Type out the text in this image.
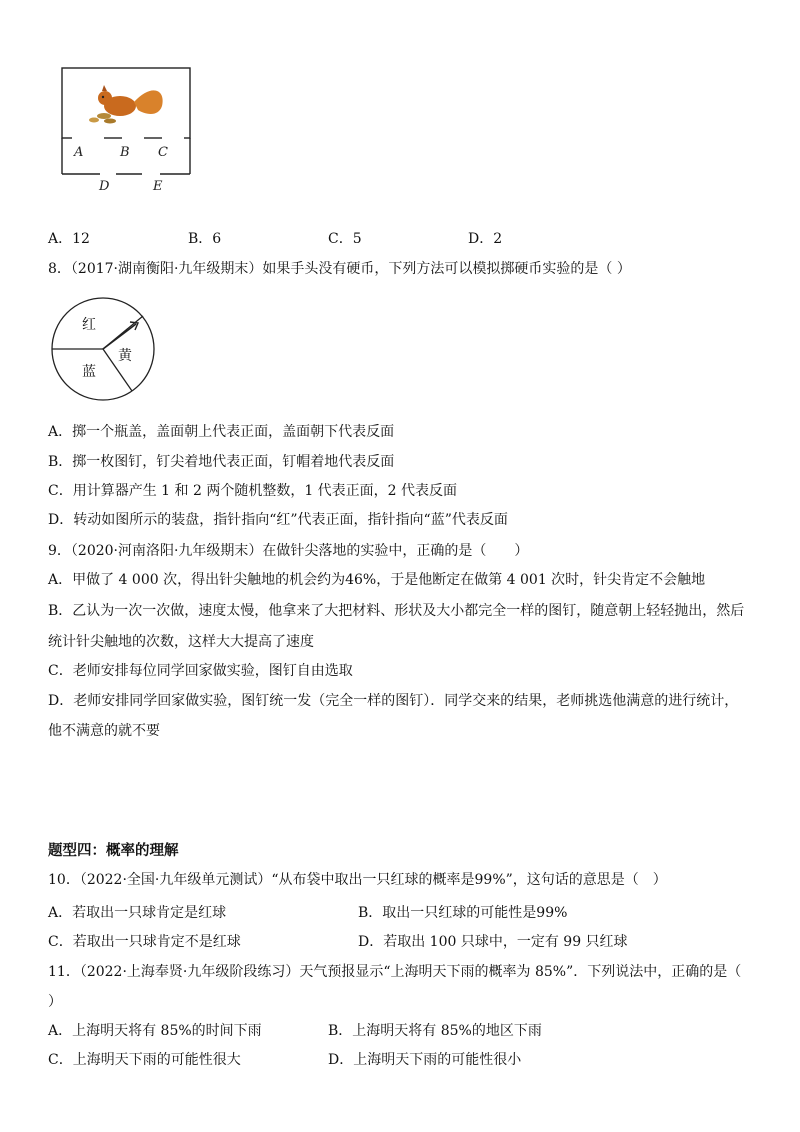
A	B C
D	E
A．12	B．6	C．5	D．2
8．（2017·湖南衡阳·九年级期末）如果手头没有硬币，下列方法可以模拟掷硬币实验的是（ ）
红
黄
蓝
A．掷一个瓶盖，盖面朝上代表正面，盖面朝下代表反面
B．掷一枚图钉，钉尖着地代表正面，钉帽着地代表反面
C．用计算器产生 1 和 2 两个随机整数，1 代表正面，2 代表反面
D．转动如图所示的装盘，指针指向“红”代表正面，指针指向“蓝”代表反面
9．（2020·河南洛阳·九年级期末）在做针尖落地的实验中，正确的是（　　）
A．甲做了 4 000 次，得出针尖触地的机会约为46%，于是他断定在做第 4 001 次时，针尖肯定不会触地
B．乙认为一次一次做，速度太慢，他拿来了大把材料、形状及大小都完全一样的图钉，随意朝上轻轻抛出，然后
统计针尖触地的次数，这样大大提高了速度
C．老师安排每位同学回家做实验，图钉自由选取
D．老师安排同学回家做实验，图钉统一发（完全一样的图钉）．同学交来的结果，老师挑选他满意的进行统计，
他不满意的就不要
题型四：概率的理解
10．（2022·全国·九年级单元测试）“从布袋中取出一只红球的概率是99%”，这句话的意思是（　）
A．若取出一只球肯定是红球	B．取出一只红球的可能性是99%
C．若取出一只球肯定不是红球	D．若取出 100 只球中，一定有 99 只红球
11．（2022·上海奉贤·九年级阶段练习）天气预报显示“上海明天下雨的概率为 85%”．下列说法中，正确的是（
）
A．上海明天将有 85%的时间下雨	B．上海明天将有 85%的地区下雨
C．上海明天下雨的可能性很大	D．上海明天下雨的可能性很小
